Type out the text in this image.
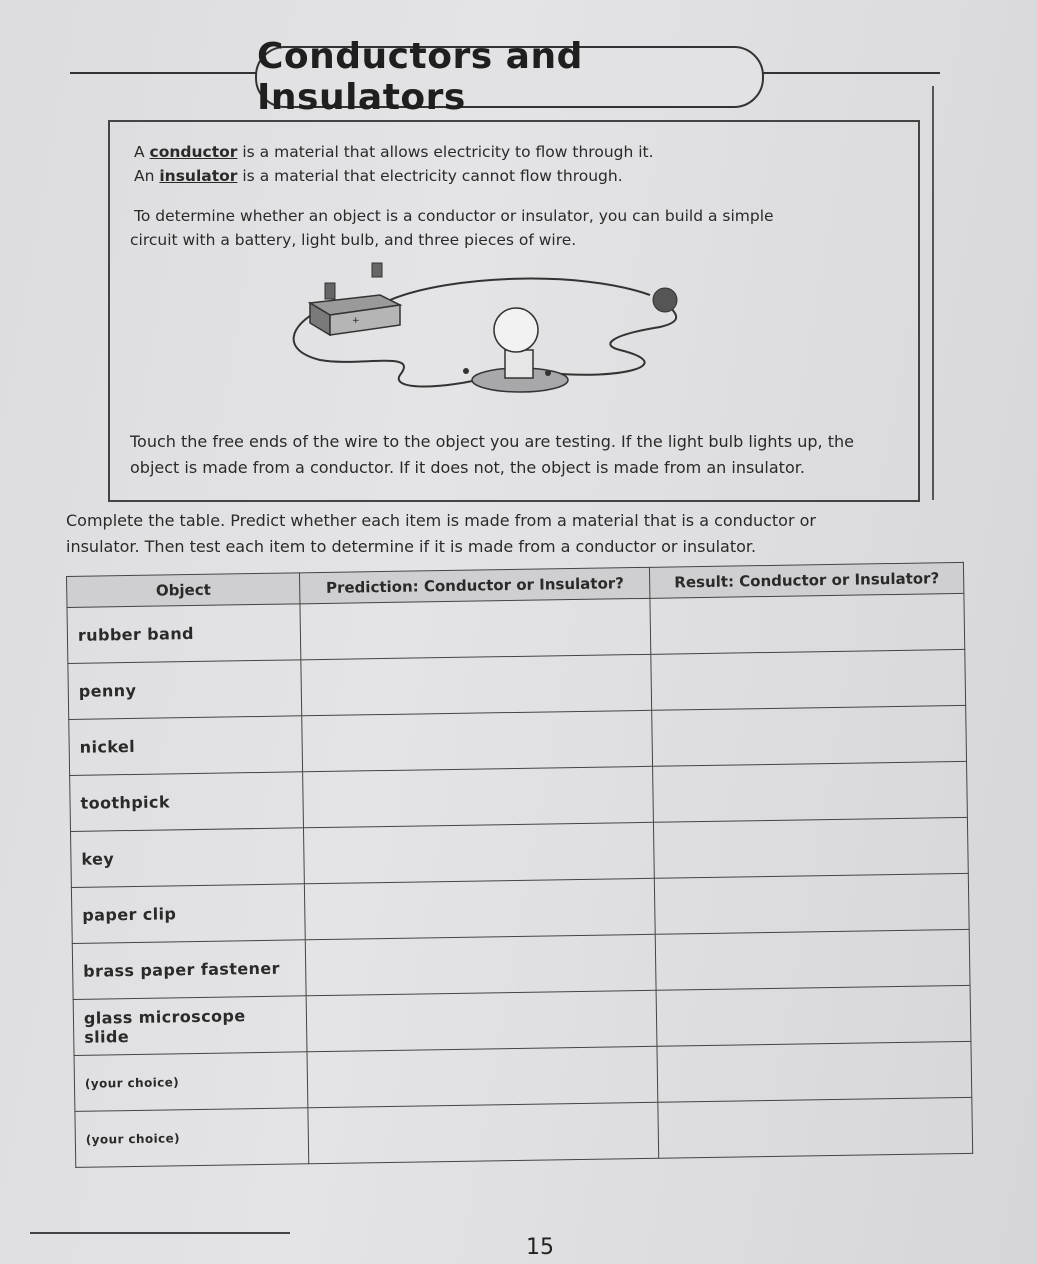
Conductors and Insulators
A conductor is a material that allows electricity to flow through it.
An insulator is a material that electricity cannot flow through.
To determine whether an object is a conductor or insulator, you can build a simple
circuit with a battery, light bulb, and three pieces of wire.
+
Touch the free ends of the wire to the object you are testing. If the light bulb lights up, the
object is made from a conductor. If it does not, the object is made from an insulator.
Complete the table. Predict whether each item is made from a material that is a conductor or
insulator. Then test each item to determine if it is made from a conductor or insulator.
Object	Prediction: Conductor or Insulator?	Result: Conductor or Insulator?
rubber band		
penny		
nickel		
toothpick		
key		
paper clip		
brass paper fastener		
glass microscope slide		
(your choice)		
(your choice)		
15
